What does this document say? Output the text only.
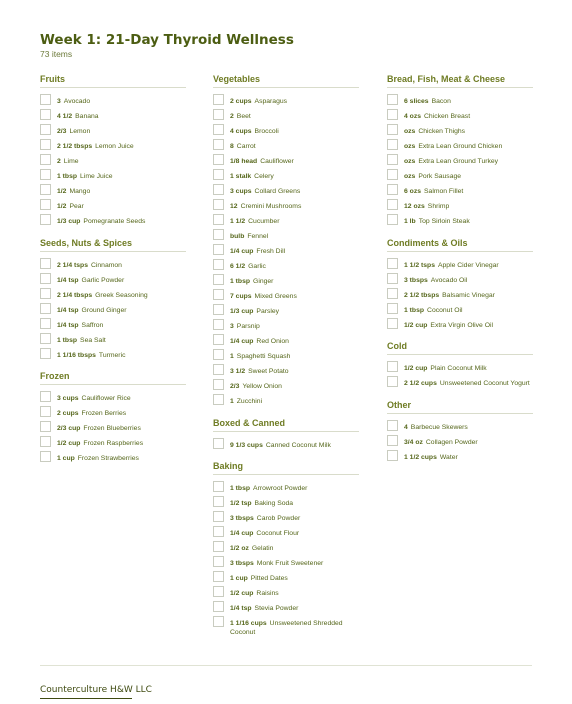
Week 1: 21-Day Thyroid Wellness
73 items
Fruits
3 Avocado
4 1/2 Banana
2/3 Lemon
2 1/2 tbsps Lemon Juice
2 Lime
1 tbsp Lime Juice
1/2 Mango
1/2 Pear
1/3 cup Pomegranate Seeds
Seeds, Nuts & Spices
2 1/4 tsps Cinnamon
1/4 tsp Garlic Powder
2 1/4 tbsps Greek Seasoning
1/4 tsp Ground Ginger
1/4 tsp Saffron
1 tbsp Sea Salt
1 1/16 tbsps Turmeric
Frozen
3 cups Cauliflower Rice
2 cups Frozen Berries
2/3 cup Frozen Blueberries
1/2 cup Frozen Raspberries
1 cup Frozen Strawberries
Vegetables
2 cups Asparagus
2 Beet
4 cups Broccoli
8 Carrot
1/8 head Cauliflower
1 stalk Celery
3 cups Collard Greens
12 Cremini Mushrooms
1 1/2 Cucumber
bulb Fennel
1/4 cup Fresh Dill
6 1/2 Garlic
1 tbsp Ginger
7 cups Mixed Greens
1/3 cup Parsley
3 Parsnip
1/4 cup Red Onion
1 Spaghetti Squash
3 1/2 Sweet Potato
2/3 Yellow Onion
1 Zucchini
Boxed & Canned
9 1/3 cups Canned Coconut Milk
Baking
1 tbsp Arrowroot Powder
1/2 tsp Baking Soda
3 tbsps Carob Powder
1/4 cup Coconut Flour
1/2 oz Gelatin
3 tbsps Monk Fruit Sweetener
1 cup Pitted Dates
1/2 cup Raisins
1/4 tsp Stevia Powder
1 1/16 cups Unsweetened Shredded Coconut
Bread, Fish, Meat & Cheese
6 slices Bacon
4 ozs Chicken Breast
ozs Chicken Thighs
ozs Extra Lean Ground Chicken
ozs Extra Lean Ground Turkey
ozs Pork Sausage
6 ozs Salmon Fillet
12 ozs Shrimp
1 lb Top Sirloin Steak
Condiments & Oils
1 1/2 tsps Apple Cider Vinegar
3 tbsps Avocado Oil
2 1/2 tbsps Balsamic Vinegar
1 tbsp Coconut Oil
1/2 cup Extra Virgin Olive Oil
Cold
1/2 cup Plain Coconut Milk
2 1/2 cups Unsweetened Coconut Yogurt
Other
4 Barbecue Skewers
3/4 oz Collagen Powder
1 1/2 cups Water
Counterculture H&W LLC
